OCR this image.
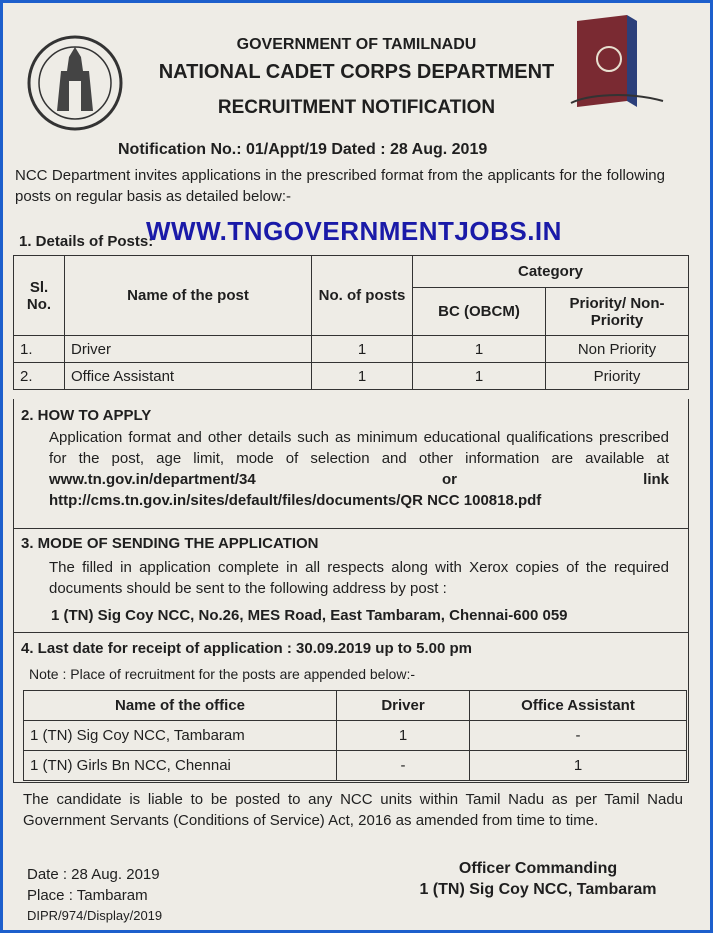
GOVERNMENT OF TAMILNADU
NATIONAL CADET CORPS DEPARTMENT
RECRUITMENT NOTIFICATION
Notification No.: 01/Appt/19 Dated : 28 Aug. 2019

NCC Department invites applications in the prescribed format from the applicants for the following posts on regular basis as detailed below:-

1. Details of Posts:
WWW.TNGOVERNMENTJOBS.IN
Sl. No.	Name of the post	No. of posts	Category	
			BC (OBCM)	Priority/ Non-Priority
1.	Driver	1	1	Non Priority
2.	Office Assistant	1	1	Priority
2. HOW TO APPLY

Application format and other details such as minimum educational qualifications prescribed for the post, age limit, mode of selection and other information are available at www.tn.gov.in/department/34	or link http://cms.tn.gov.in/sites/default/files/documents/QR NCC 100818.pdf

3. MODE OF SENDING THE APPLICATION

The filled in application complete in all respects along with Xerox copies of the required documents should be sent to the following address by post :

1 (TN) Sig Coy NCC, No.26, MES Road, East Tambaram, Chennai-600 059
4. Last date for receipt of application : 30.09.2019 up to 5.00 pm
Note : Place of recruitment for the posts are appended below:-
Name of the office	Driver	Office Assistant
1 (TN) Sig Coy NCC, Tambaram	1	-
1 (TN) Girls Bn NCC, Chennai	-	1

The candidate is liable to be posted to any NCC units within Tamil Nadu as per Tamil Nadu Government Servants (Conditions of Service) Act, 2016 as amended from time to time.

Date : 28 Aug. 2019
Place : Tambaram
DIPR/974/Display/2019
Officer Commanding
1 (TN) Sig Coy NCC, Tambaram
